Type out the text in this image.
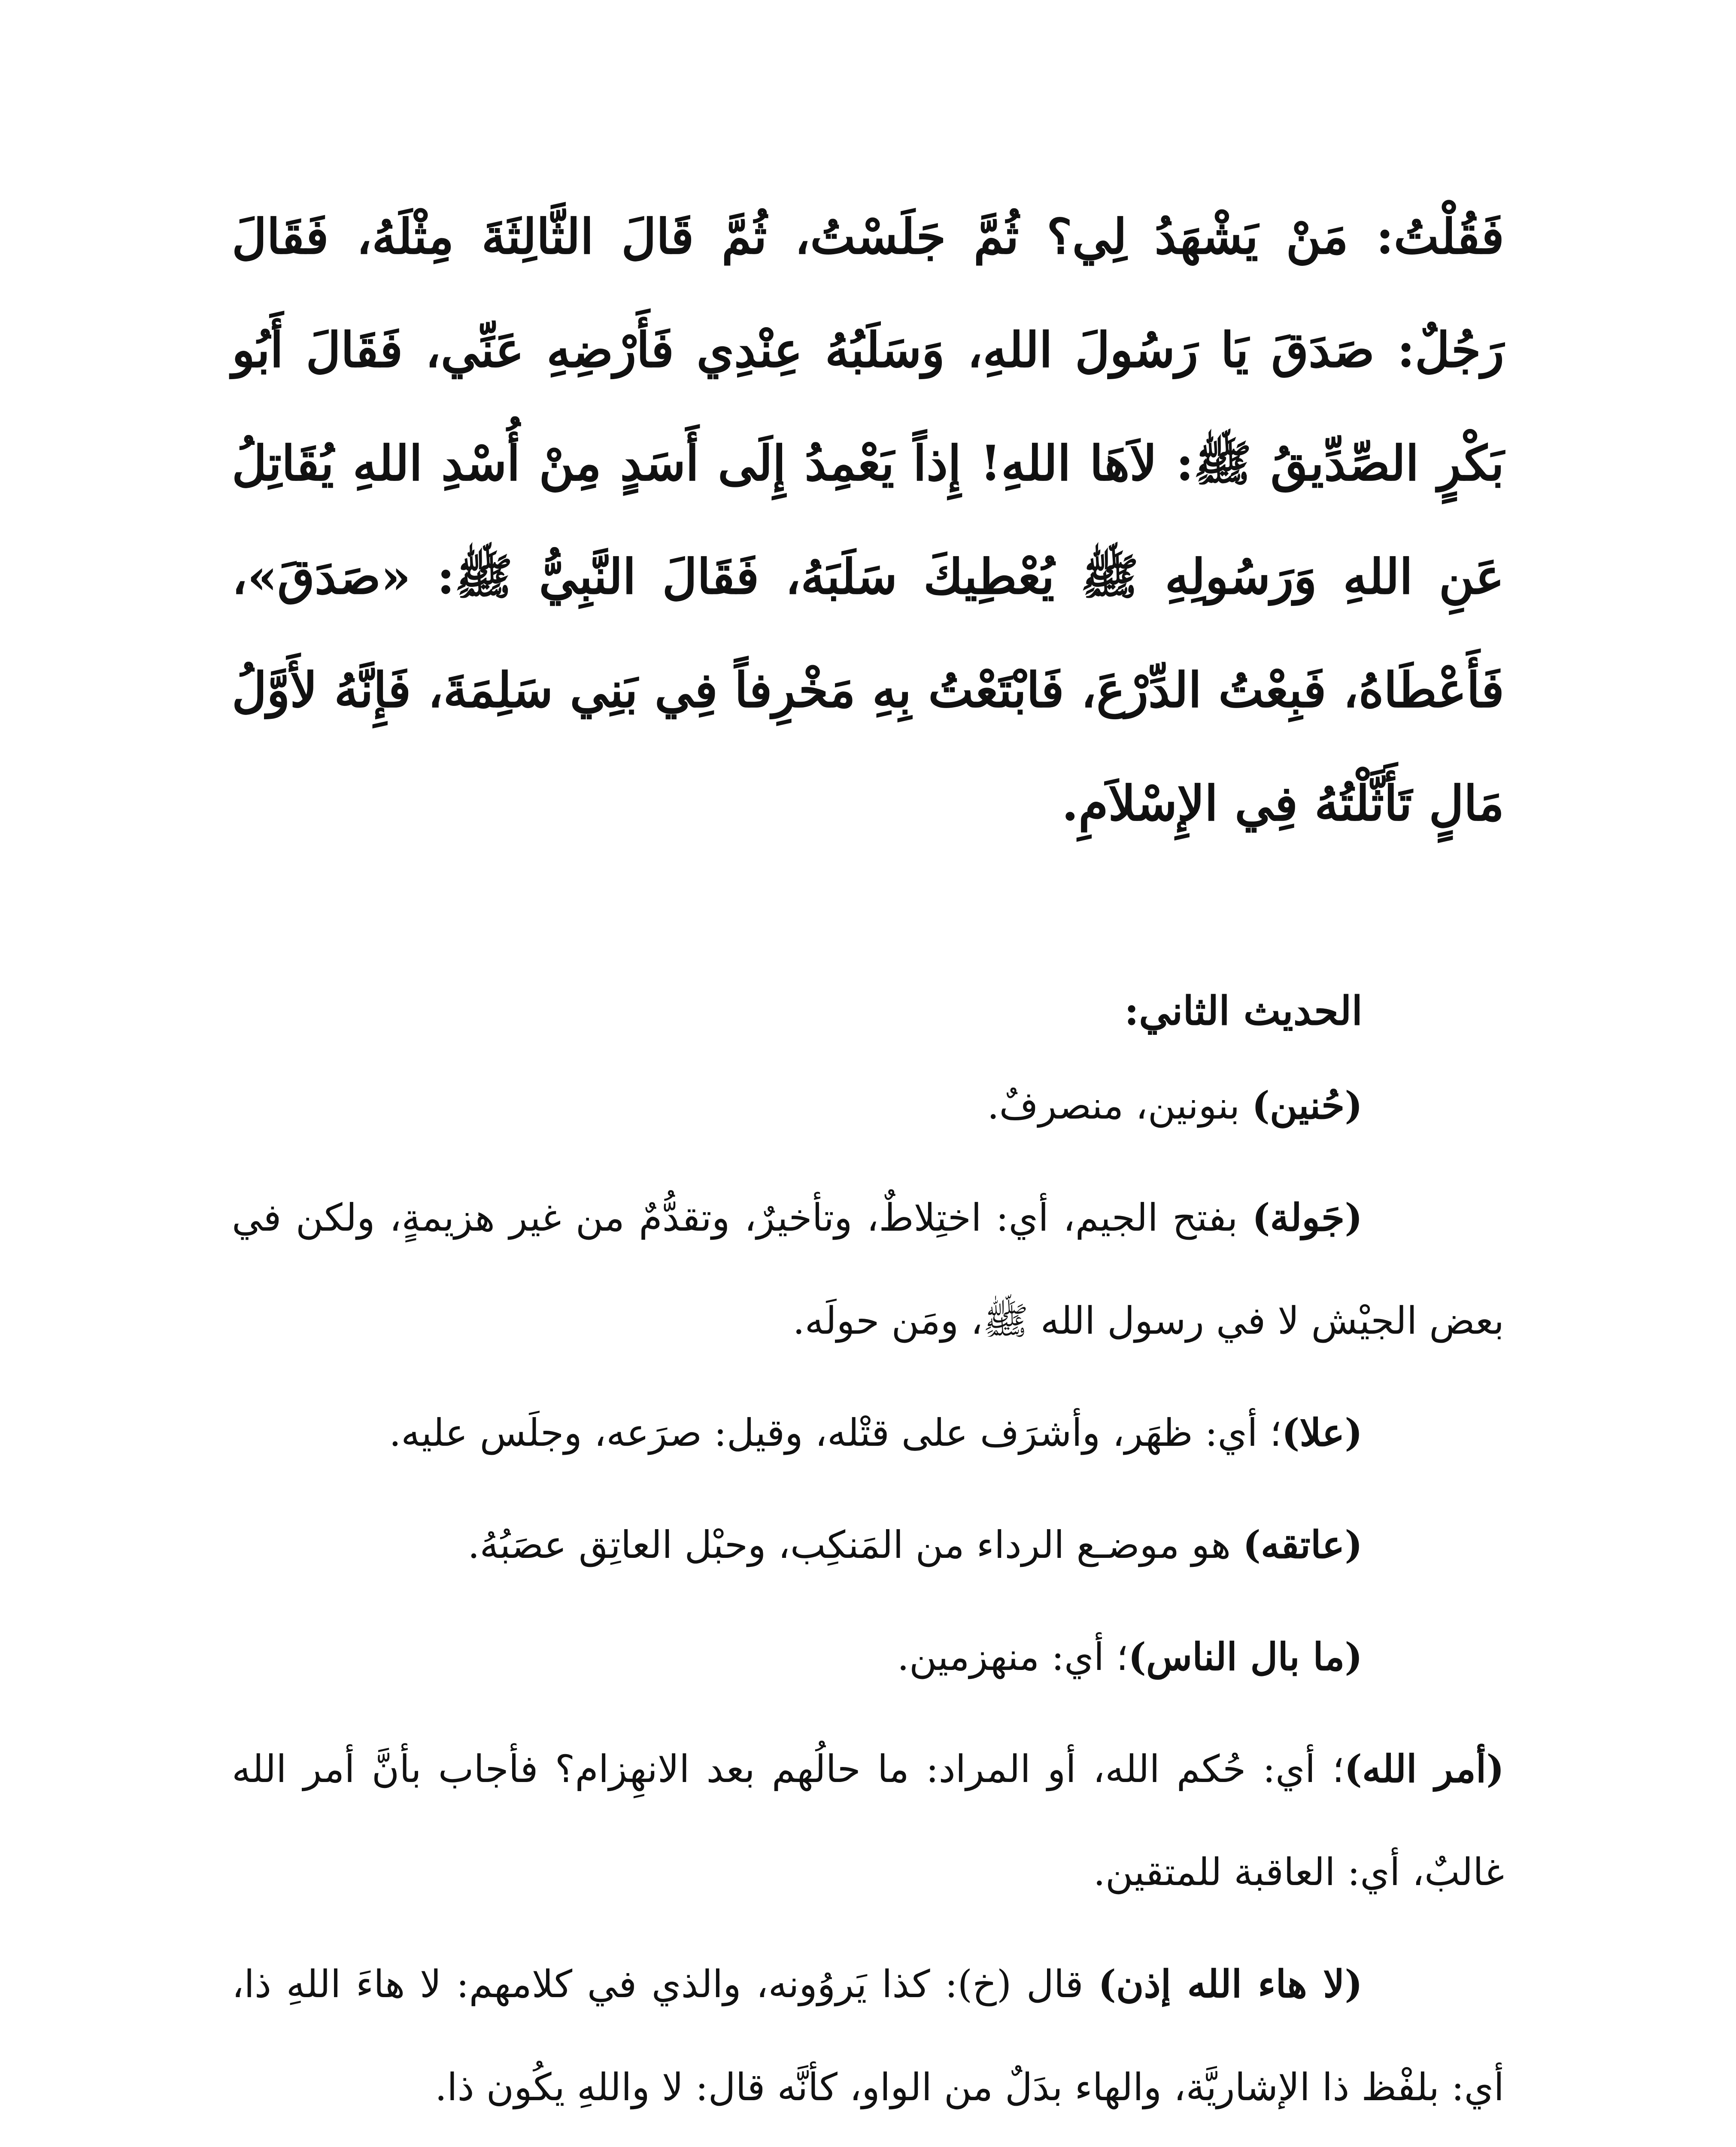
فَقُلْتُ: مَنْ يَشْهَدُ لِي؟ ثُمَّ جَلَسْتُ، ثُمَّ قَالَ الثَّالِثَةَ مِثْلَهُ، فَقَالَ رَجُلٌ: صَدَقَ يَا رَسُولَ اللهِ، وَسَلَبُهُ عِنْدِي فَأَرْضِهِ عَنِّي، فَقَالَ أَبُو بَكْرٍ الصِّدِّيقُ ﷺ: لاَهَا اللهِ! إِذاً يَعْمِدُ إِلَى أَسَدٍ مِنْ أُسْدِ اللهِ يُقَاتِلُ عَنِ اللهِ وَرَسُولِهِ ﷺ يُعْطِيكَ سَلَبَهُ، فَقَالَ النَّبِيُّ ﷺ: «صَدَقَ»، فَأَعْطَاهُ، فَبِعْتُ الدِّرْعَ، فَابْتَعْتُ بِهِ مَخْرِفاً فِي بَنِي سَلِمَةَ، فَإِنَّهُ لأَوَّلُ مَالٍ تَأَثَّلْتُهُ فِي الإِسْلاَمِ.

الحديث الثاني:

(حُنين) بنونين، منصرفٌ.

(جَولة) بفتح الجيم، أي: اختِلاطٌ، وتأخيرٌ، وتقدُّمٌ من غير هزيمةٍ، ولكن في بعض الجيْش لا في رسول الله ﷺ، ومَن حولَه.

(علا)؛ أي: ظهَر، وأشرَف على قتْله، وقيل: صرَعه، وجلَس عليه.

(عاتقه) هو موضـع الرداء من المَنكِب، وحبْل العاتِق عصَبُهُ.

(ما بال الناس)؛ أي: منهزمين.

(أمر الله)؛ أي: حُكم الله، أو المراد: ما حالُهم بعد الانهِزام؟ فأجاب بأنَّ أمر الله غالبٌ، أي: العاقبة للمتقين.

(لا هاء الله إذن) قال (خ): كذا يَروُونه، والذي في كلامهم: لا هاءَ اللهِ ذا، أي: بلفْظ ذا الإشاريَّة، والهاء بدَلٌ من الواو، كأنَّه قال: لا واللهِ يكُون ذا.
